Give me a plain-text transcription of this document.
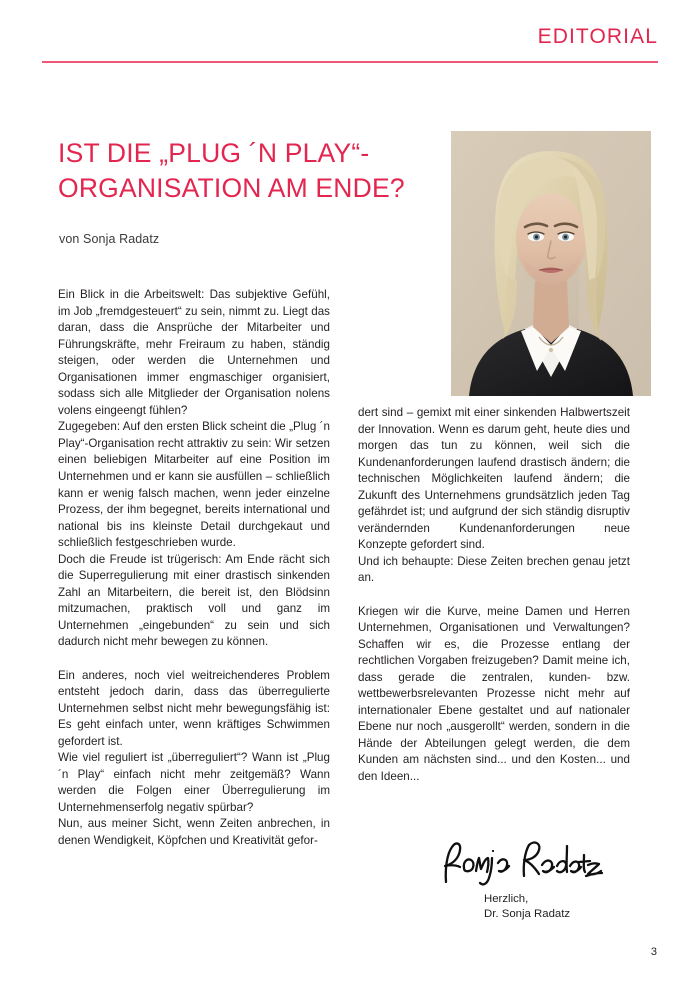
EDITORIAL
IST DIE „PLUG ´N PLAY“-ORGANISATION AM ENDE?
von Sonja Radatz

Ein Blick in die Arbeitswelt: Das subjektive Gefühl, im Job „fremdgesteuert“ zu sein, nimmt zu. Liegt das daran, dass die Ansprüche der Mitarbeiter und Führungskräfte, mehr Freiraum zu haben, ständig steigen, oder werden die Unternehmen und Organisationen immer engmaschiger organisiert, sodass sich alle Mitglieder der Organisation nolens volens eingeengt fühlen?

Zugegeben: Auf den ersten Blick scheint die „Plug ´n Play“-Organisation recht attraktiv zu sein: Wir setzen einen beliebigen Mitarbeiter auf eine Position im Unternehmen und er kann sie ausfüllen – schließlich kann er wenig falsch machen, wenn jeder einzelne Prozess, der ihm begegnet, bereits international und national bis ins kleinste Detail durchgekaut und schließlich festgeschrieben wurde.

Doch die Freude ist trügerisch: Am Ende rächt sich die Superregulierung mit einer drastisch sinkenden Zahl an Mitarbeitern, die bereit ist, den Blödsinn mitzumachen, praktisch voll und ganz im Unternehmen „eingebunden“ zu sein und sich dadurch nicht mehr bewegen zu können.

Ein anderes, noch viel weitreichenderes Problem entsteht jedoch darin, dass das überregulierte Unternehmen selbst nicht mehr bewegungsfähig ist: Es geht einfach unter, wenn kräftiges Schwimmen gefordert ist.

Wie viel reguliert ist „überreguliert“? Wann ist „Plug ´n Play“ einfach nicht mehr zeitgemäß? Wann werden die Folgen einer Überregulierung im Unternehmenserfolg negativ spürbar?

Nun, aus meiner Sicht, wenn Zeiten anbrechen, in denen Wendigkeit, Köpfchen und Kreativität gefor-

dert sind – gemixt mit einer sinkenden Halbwertszeit der Innovation. Wenn es darum geht, heute dies und morgen das tun zu können, weil sich die Kundenanforderungen laufend drastisch ändern; die technischen Möglichkeiten laufend ändern; die Zukunft des Unternehmens grundsätzlich jeden Tag gefährdet ist; und aufgrund der sich ständig disruptiv verändernden Kundenanforderungen neue Konzepte gefordert sind.

Und ich behaupte: Diese Zeiten brechen genau jetzt an.

Kriegen wir die Kurve, meine Damen und Herren Unternehmen, Organisationen und Verwaltungen? Schaffen wir es, die Prozesse entlang der rechtlichen Vorgaben freizugeben? Damit meine ich, dass gerade die zentralen, kunden- bzw. wettbewerbsrelevanten Prozesse nicht mehr auf internationaler Ebene gestaltet und auf nationaler Ebene nur noch „ausgerollt“ werden, sondern in die Hände der Abteilungen gelegt werden, die dem Kunden am nächsten sind... und den Kosten... und den Ideen...

Herzlich,
Dr. Sonja Radatz
3
